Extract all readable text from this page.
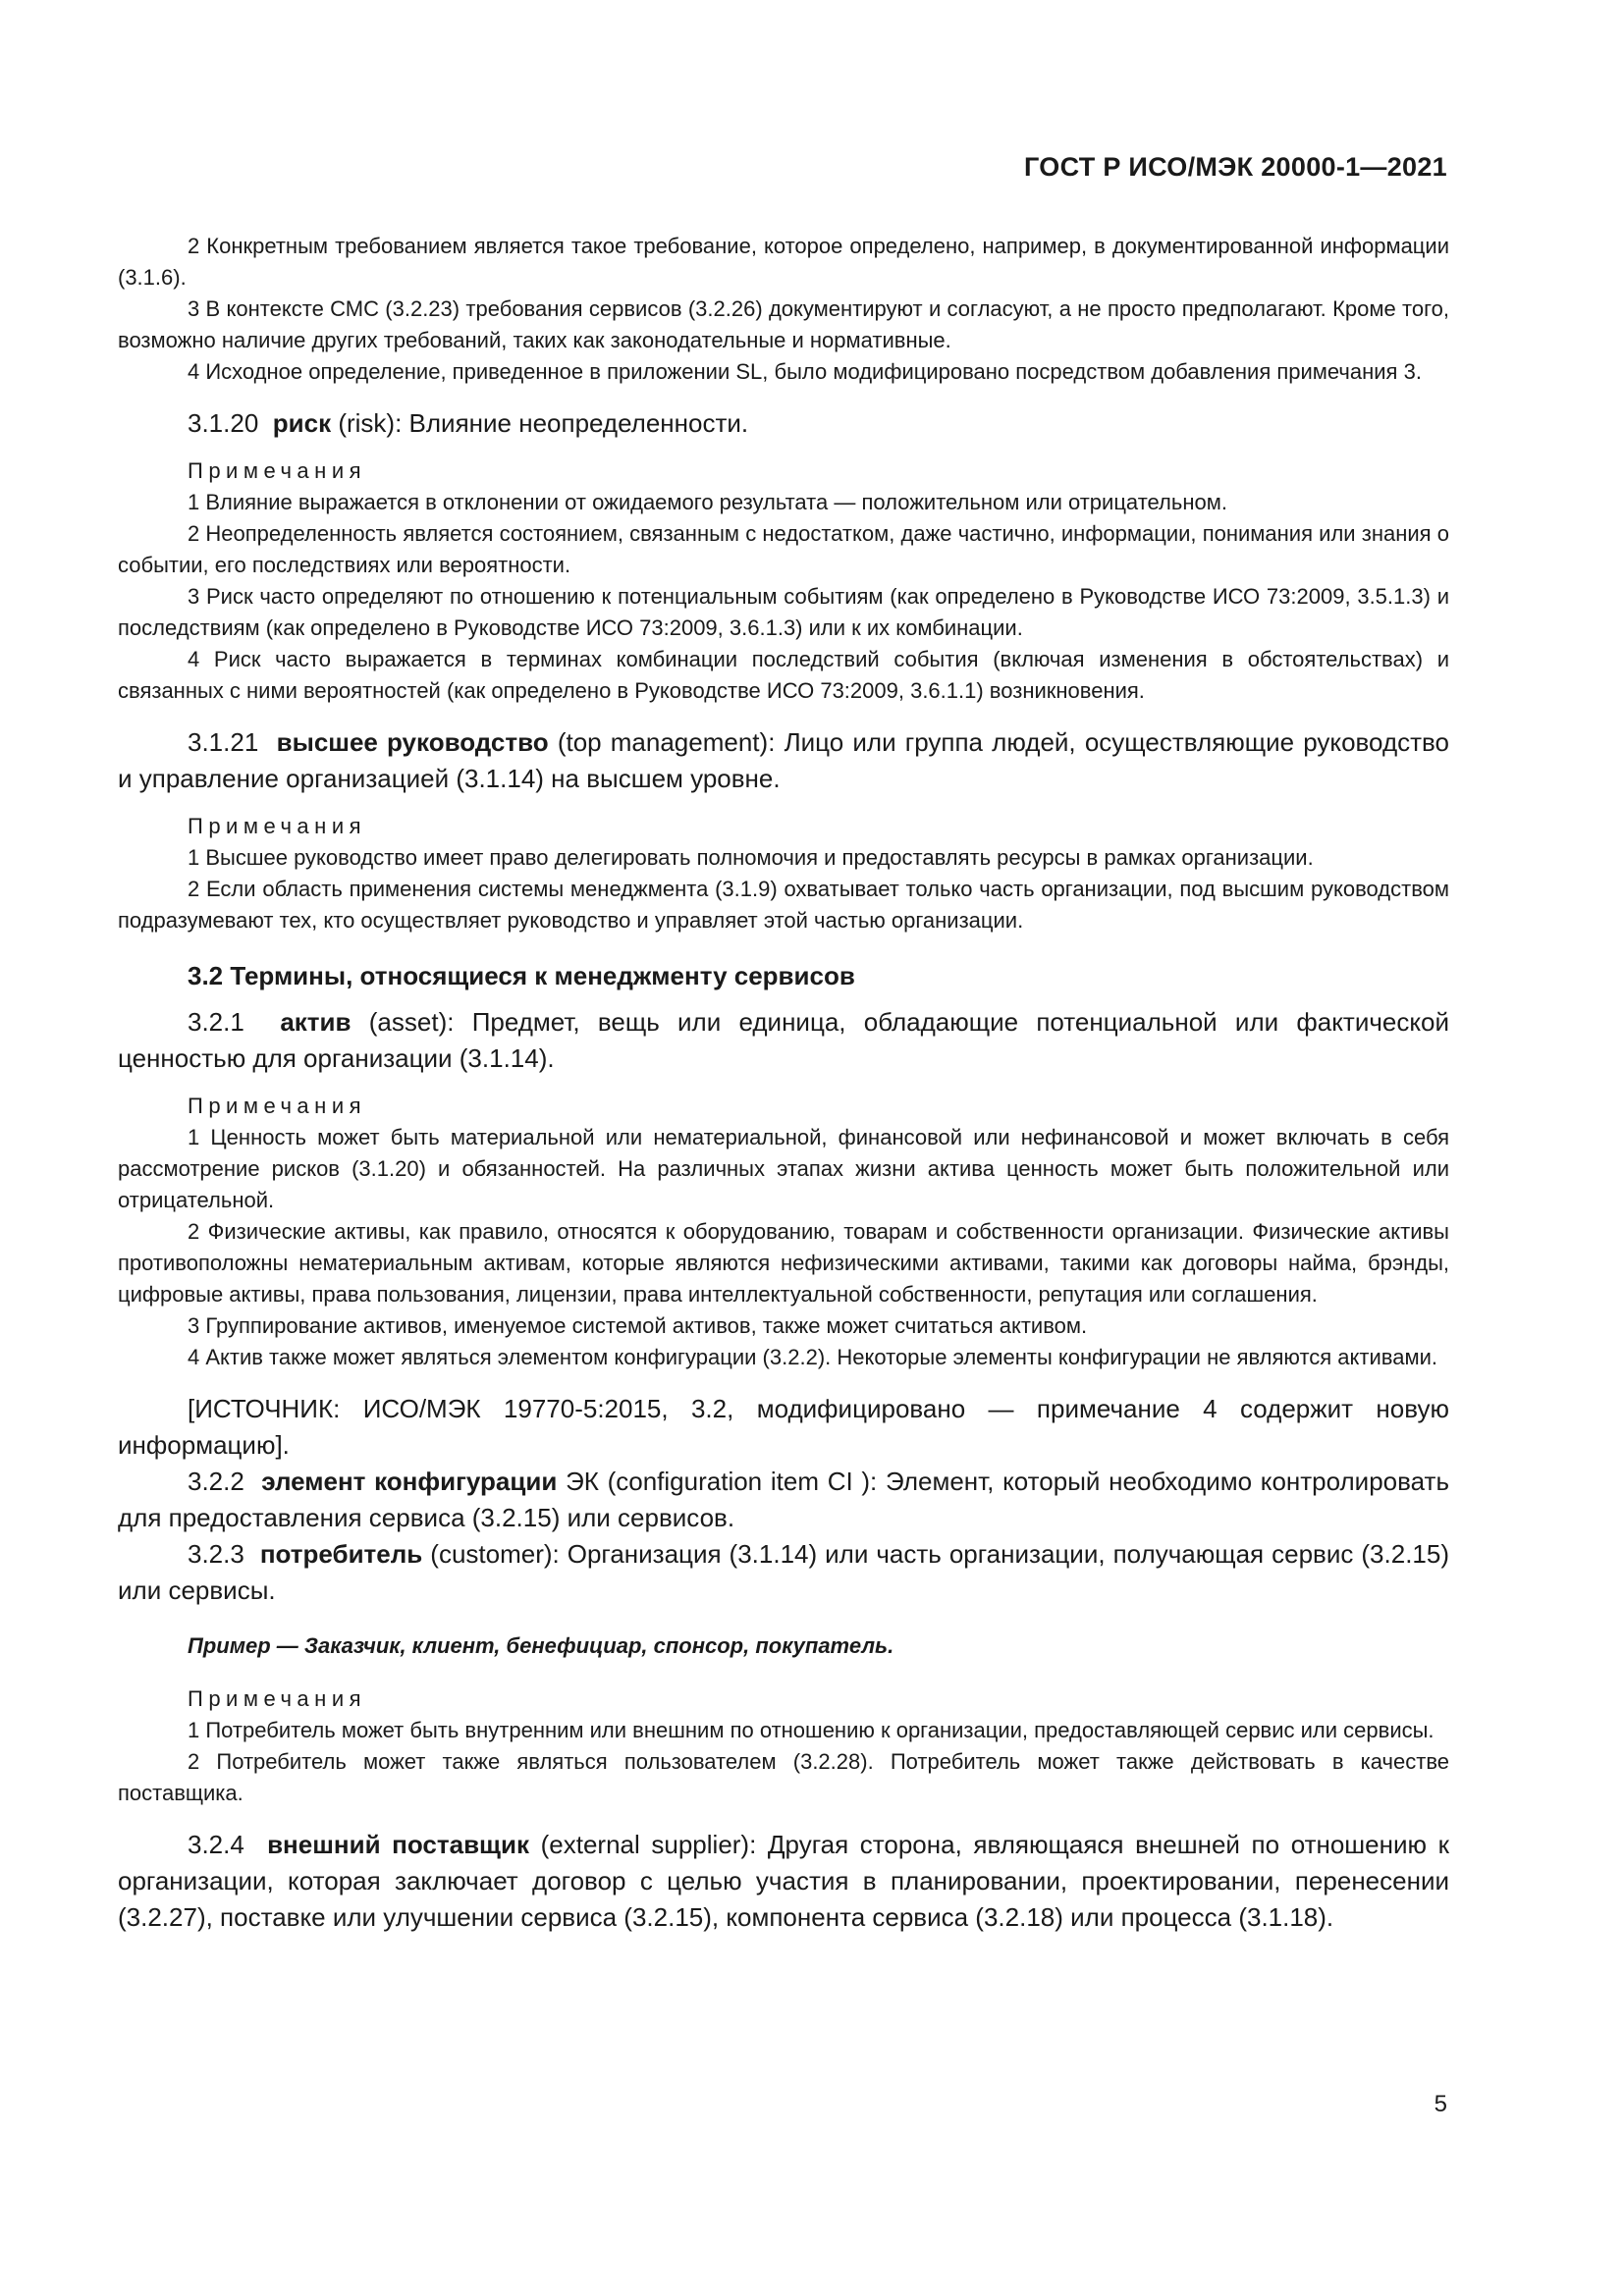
ГОСТ Р ИСО/МЭК 20000-1—2021

2 Конкретным требованием является такое требование, которое определено, например, в документированной информации (3.1.6).

3 В контексте СМС (3.2.23) требования сервисов (3.2.26) документируют и согласуют, а не просто предполагают. Кроме того, возможно наличие других требований, таких как законодательные и нормативные.

4 Исходное определение, приведенное в приложении SL, было модифицировано посредством добавления примечания 3.

3.1.20 риск (risk): Влияние неопределенности.

Примечания

1 Влияние выражается в отклонении от ожидаемого результата — положительном или отрицательном.

2 Неопределенность является состоянием, связанным с недостатком, даже частично, информации, понимания или знания о событии, его последствиях или вероятности.

3 Риск часто определяют по отношению к потенциальным событиям (как определено в Руководстве ИСО 73:2009, 3.5.1.3) и последствиям (как определено в Руководстве ИСО 73:2009, 3.6.1.3) или к их комбинации.

4 Риск часто выражается в терминах комбинации последствий события (включая изменения в обстоятельствах) и связанных с ними вероятностей (как определено в Руководстве ИСО 73:2009, 3.6.1.1) возникновения.

3.1.21 высшее руководство (top management): Лицо или группа людей, осуществляющие руководство и управление организацией (3.1.14) на высшем уровне.

Примечания

1 Высшее руководство имеет право делегировать полномочия и предоставлять ресурсы в рамках организации.

2 Если область применения системы менеджмента (3.1.9) охватывает только часть организации, под высшим руководством подразумевают тех, кто осуществляет руководство и управляет этой частью организации.

3.2 Термины, относящиеся к менеджменту сервисов

3.2.1 актив (asset): Предмет, вещь или единица, обладающие потенциальной или фактической ценностью для организации (3.1.14).

Примечания

1 Ценность может быть материальной или нематериальной, финансовой или нефинансовой и может включать в себя рассмотрение рисков (3.1.20) и обязанностей. На различных этапах жизни актива ценность может быть положительной или отрицательной.

2 Физические активы, как правило, относятся к оборудованию, товарам и собственности организации. Физические активы противоположны нематериальным активам, которые являются нефизическими активами, такими как договоры найма, брэнды, цифровые активы, права пользования, лицензии, права интеллектуальной собственности, репутация или соглашения.

3 Группирование активов, именуемое системой активов, также может считаться активом.

4 Актив также может являться элементом конфигурации (3.2.2). Некоторые элементы конфигурации не являются активами.

[ИСТОЧНИК: ИСО/МЭК 19770-5:2015, 3.2, модифицировано — примечание 4 содержит новую информацию].

3.2.2 элемент конфигурации ЭК (configuration item CI ): Элемент, который необходимо контролировать для предоставления сервиса (3.2.15) или сервисов.

3.2.3 потребитель (customer): Организация (3.1.14) или часть организации, получающая сервис (3.2.15) или сервисы.

Пример — Заказчик, клиент, бенефициар, спонсор, покупатель.

Примечания

1 Потребитель может быть внутренним или внешним по отношению к организации, предоставляющей сервис или сервисы.

2 Потребитель может также являться пользователем (3.2.28). Потребитель может также действовать в качестве поставщика.

3.2.4 внешний поставщик (external supplier): Другая сторона, являющаяся внешней по отношению к организации, которая заключает договор с целью участия в планировании, проектировании, перенесении (3.2.27), поставке или улучшении сервиса (3.2.15), компонента сервиса (3.2.18) или процесса (3.1.18).

5
